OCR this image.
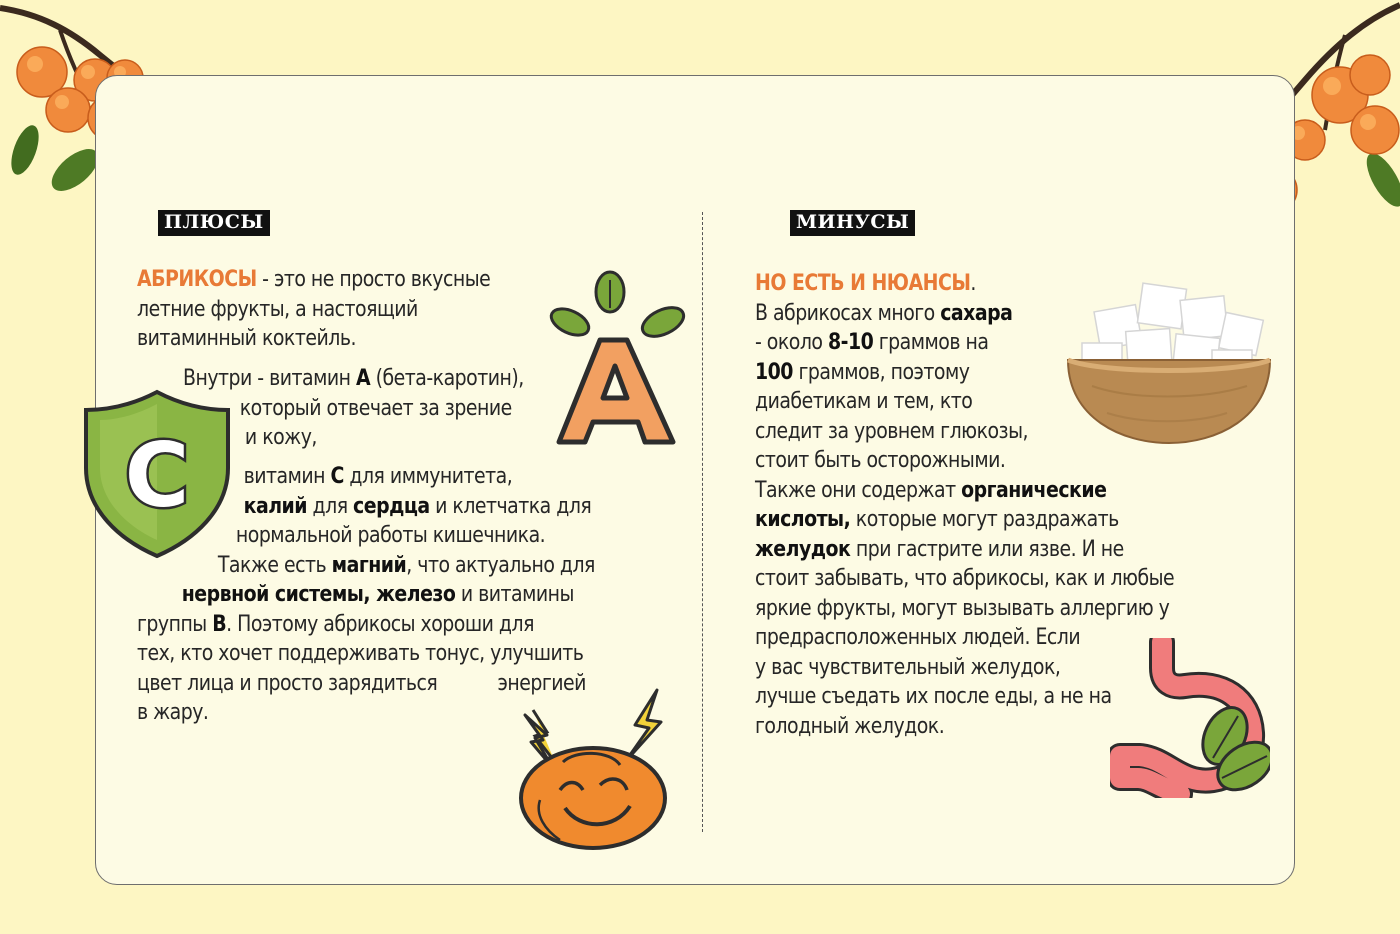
ПЛЮСЫ
АБРИКОСЫ - это не просто вкусные
летние фрукты, а настоящий
витаминный коктейль.
Внутри - витамин А (бета-каротин),
который отвечает за зрение
и кожу,
витамин С для иммунитета,
калий для сердца и клетчатка для
нормальной работы кишечника.
Также есть магний, что актуально для
нервной системы, железо и витамины
группы В. Поэтому абрикосы хороши для
тех, кто хочет поддерживать тонус, улучшить
цвет лица и просто зарядиться	энергией
в жару.
C
МИНУСЫ
НО ЕСТЬ И НЮАНСЫ.
В абрикосах много сахара
- около 8-10 граммов на
100 граммов, поэтому
диабетикам и тем, кто
следит за уровнем глюкозы,
стоит быть осторожными.
Также они содержат органические
кислоты, которые могут раздражать
желудок при гастрите или язве. И не
стоит забывать, что абрикосы, как и любые
яркие фрукты, могут вызывать аллергию у
предрасположенных людей. Если
у вас чувствительный желудок,
лучше съедать их после еды, а не на
голодный желудок.
